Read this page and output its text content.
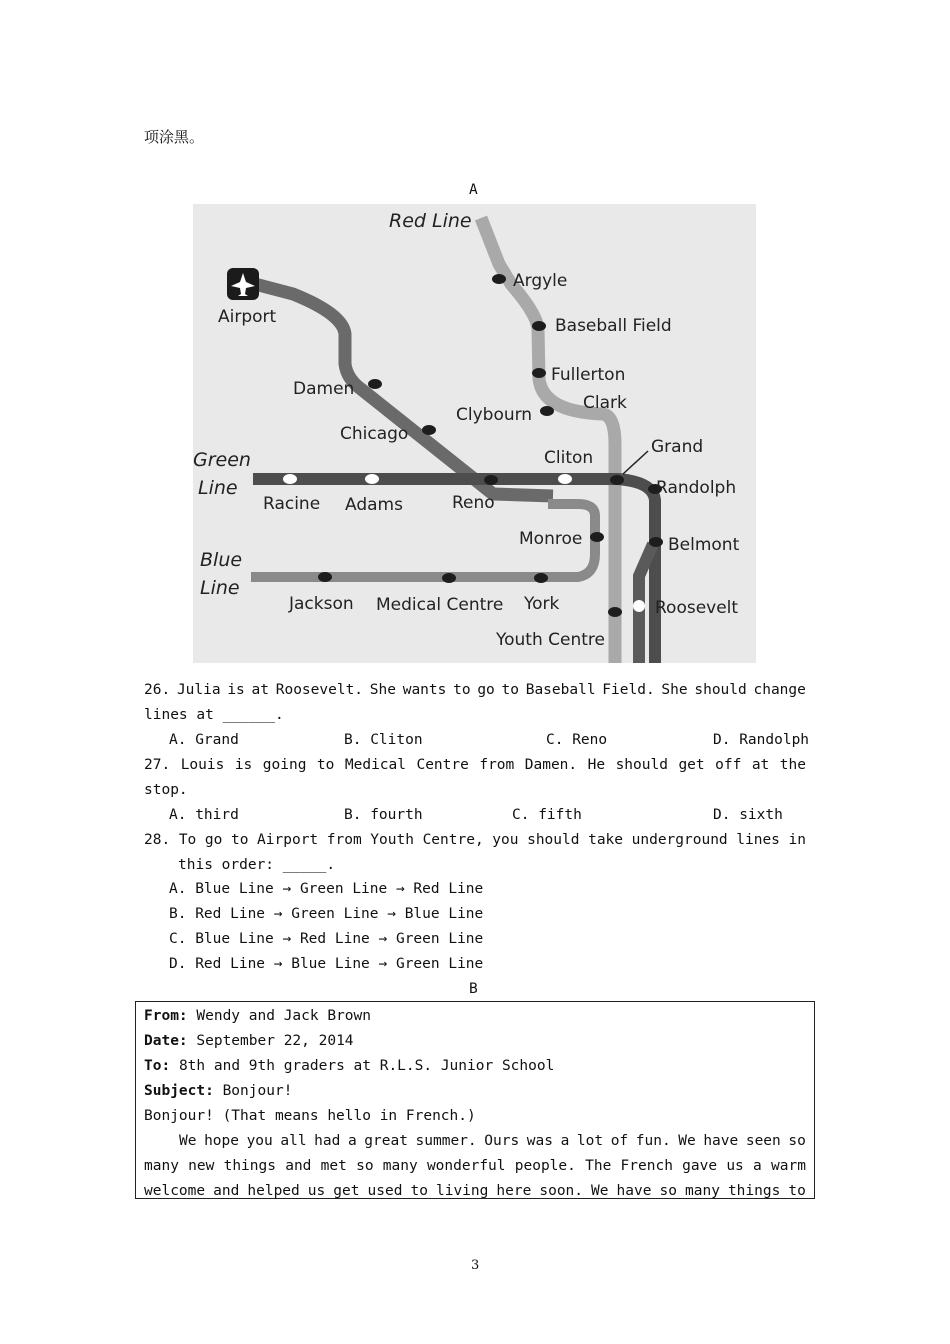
项涂黑。
A
Red Line
Airport
Argyle
Baseball Field
Fullerton
Clybourn
Clark
Damen
Chicago
Grand
Cliton
Randolph
Green
Line
Racine Adams	Reno
Monroe	Belmont
Blue
Line
Jackson Medical Centre York	Roosevelt
Youth Centre
26. Julia is at Roosevelt. She wants to go to Baseball Field. She should change
lines at ______.
A. Grand	B. Cliton	C. Reno	D. Randolph
27. Louis is going to Medical Centre from Damen. He should get off at the
stop.
A. third	B. fourth	C. fifth	D. sixth
28. To go to Airport from Youth Centre, you should take underground lines in
this order: _____.
A. Blue Line → Green Line → Red Line
B. Red Line → Green Line → Blue Line
C. Blue Line → Red Line → Green Line
D. Red Line → Blue Line → Green Line
B
From: Wendy and Jack Brown
Date: September 22, 2014
To: 8th and 9th graders at R.L.S. Junior School
Subject: Bonjour!
Bonjour! (That means hello in French.)
We hope you all had a great summer. Ours was a lot of fun. We have seen so
many new things and met so many wonderful people. The French gave us a warm
welcome and helped us get used to living here soon. We have so many things to
3
